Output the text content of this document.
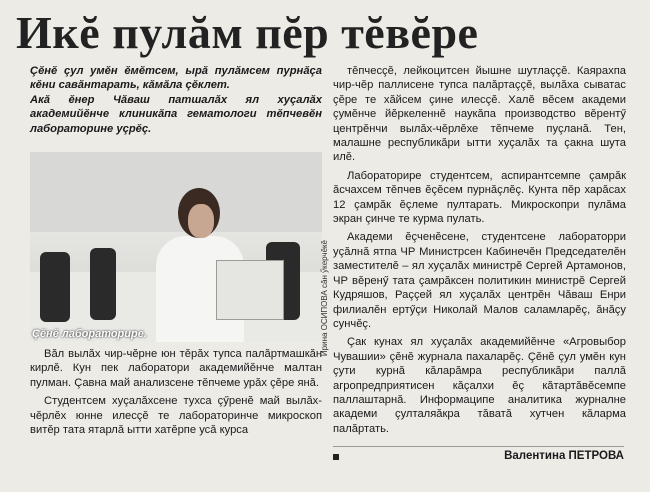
Икĕ пулăм пĕр тĕвĕре

Çĕнĕ çул умĕн ĕмĕтсем, ырă пулăмсем пурнăçа кĕни савăнтарать, кăмăла çĕклет.

Акă ĕнер Чăваш патшалăх ял хуçалăх академийĕнче клиникăпа гематологи тĕпчевĕн лабораторине уçрĕç.

Çĕнĕ лабораторире.	Ирина ОСИПОВА сăн ӳкерчĕкĕ

Вăл вылăх чир-чĕрне юн тĕрăх тупса палăртмашкăн кирлĕ. Кун пек лаборатори академийĕнче малтан пулман. Çавна май анализсене тĕпчеме урăх çĕре янă.

Студентсем хуçалăхсене тухса çӳренĕ май вылăх-чĕрлĕх юнне илесçĕ те лабораторинче микроскоп витĕр тата ятарлă ытти хатĕрпе усă курса

тĕпчесçĕ, лейкоцитсен йышне шутлаççĕ. Каярахпа чир-чĕр паллисене тупса палăртаççĕ, вылăха сыватас çĕре те хăйсем çине илесçĕ. Халĕ вĕсем академи çумĕнче йĕркеленнĕ наукăпа производство вĕрентӳ центрĕнчи вылăх-чĕрлĕхе тĕпчеме пуçланă. Тен, малашне республикăри ытти хуçалăх та çакна шута илĕ.

Лабораторире студентсем, аспирантсемпе çамрăк ăсчахсем тĕпчев ĕçĕсем пурнăçлĕç. Кунта пĕр харăсах 12 çамрăк ĕçлеме пултарать. Микроскопри пулăма экран çинче те курма пулать.

Академи ĕçченĕсене, студентсене лабораторри уçăлнă ятпа ЧР Министрсен Кабинечĕн Председателĕн заместителĕ – ял хуçалăх министрĕ Сергей Артамонов, ЧР вĕренӳ тата çамрăксен политикин министрĕ Сергей Кудряшов, Раççей ял хуçалăх центрĕн Чăваш Енри филиалĕн ертӳçи Николай Малов саламларĕç, ăнăçу сунчĕç.

Çак кунах ял хуçалăх академийĕнче «Агровыбор Чувашии» çĕнĕ журнала пахаларĕç. Çĕнĕ çул умĕн кун çути курнă кăларăмра республикăри паллă агропредприятисен кăçалхи ĕç кăтартăвĕсемпе паллаштарнă. Информаципе аналитика журналне академи çулталяăкра тăватă хутчен кăларма палăртать.

Валентина ПЕТРОВА
